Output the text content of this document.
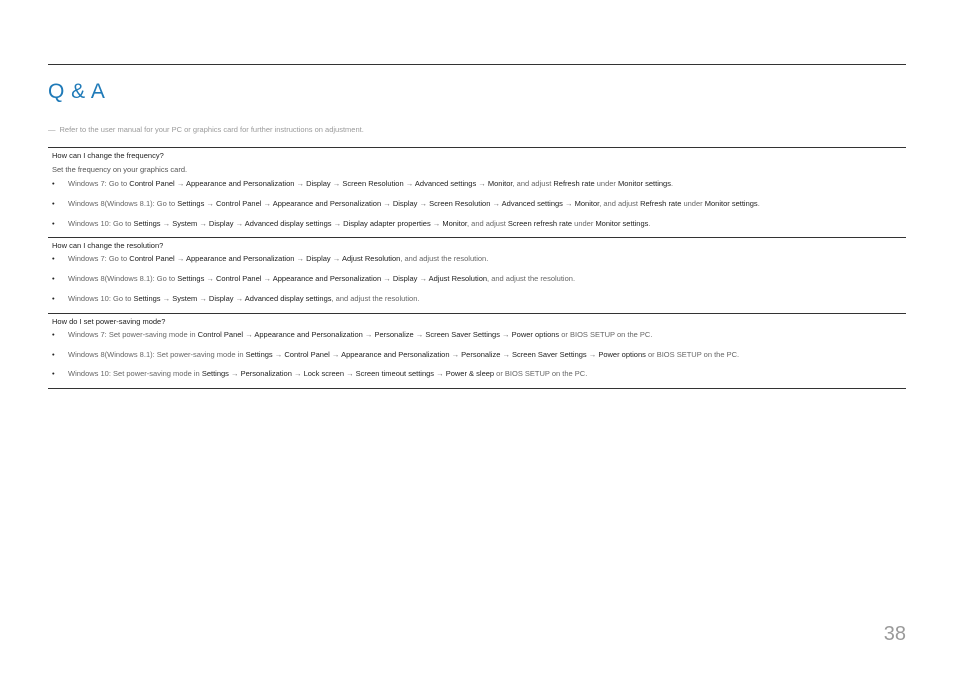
Q & A
― Refer to the user manual for your PC or graphics card for further instructions on adjustment.
How can I change the frequency?
Set the frequency on your graphics card.
• Windows 7: Go to Control Panel → Appearance and Personalization → Display → Screen Resolution → Advanced settings → Monitor, and adjust Refresh rate under Monitor settings.
• Windows 8(Windows 8.1): Go to Settings → Control Panel → Appearance and Personalization → Display → Screen Resolution → Advanced settings → Monitor, and adjust Refresh rate under Monitor settings.
• Windows 10: Go to Settings → System → Display → Advanced display settings → Display adapter properties → Monitor, and adjust Screen refresh rate under Monitor settings.
How can I change the resolution?
• Windows 7: Go to Control Panel → Appearance and Personalization → Display → Adjust Resolution, and adjust the resolution.
• Windows 8(Windows 8.1): Go to Settings → Control Panel → Appearance and Personalization → Display → Adjust Resolution, and adjust the resolution.
• Windows 10: Go to Settings → System → Display → Advanced display settings, and adjust the resolution.
How do I set power-saving mode?
• Windows 7: Set power-saving mode in Control Panel → Appearance and Personalization → Personalize → Screen Saver Settings → Power options or BIOS SETUP on the PC.
• Windows 8(Windows 8.1): Set power-saving mode in Settings → Control Panel → Appearance and Personalization → Personalize → Screen Saver Settings → Power options or BIOS SETUP on the PC.
• Windows 10: Set power-saving mode in Settings → Personalization → Lock screen → Screen timeout settings → Power & sleep or BIOS SETUP on the PC.
38
